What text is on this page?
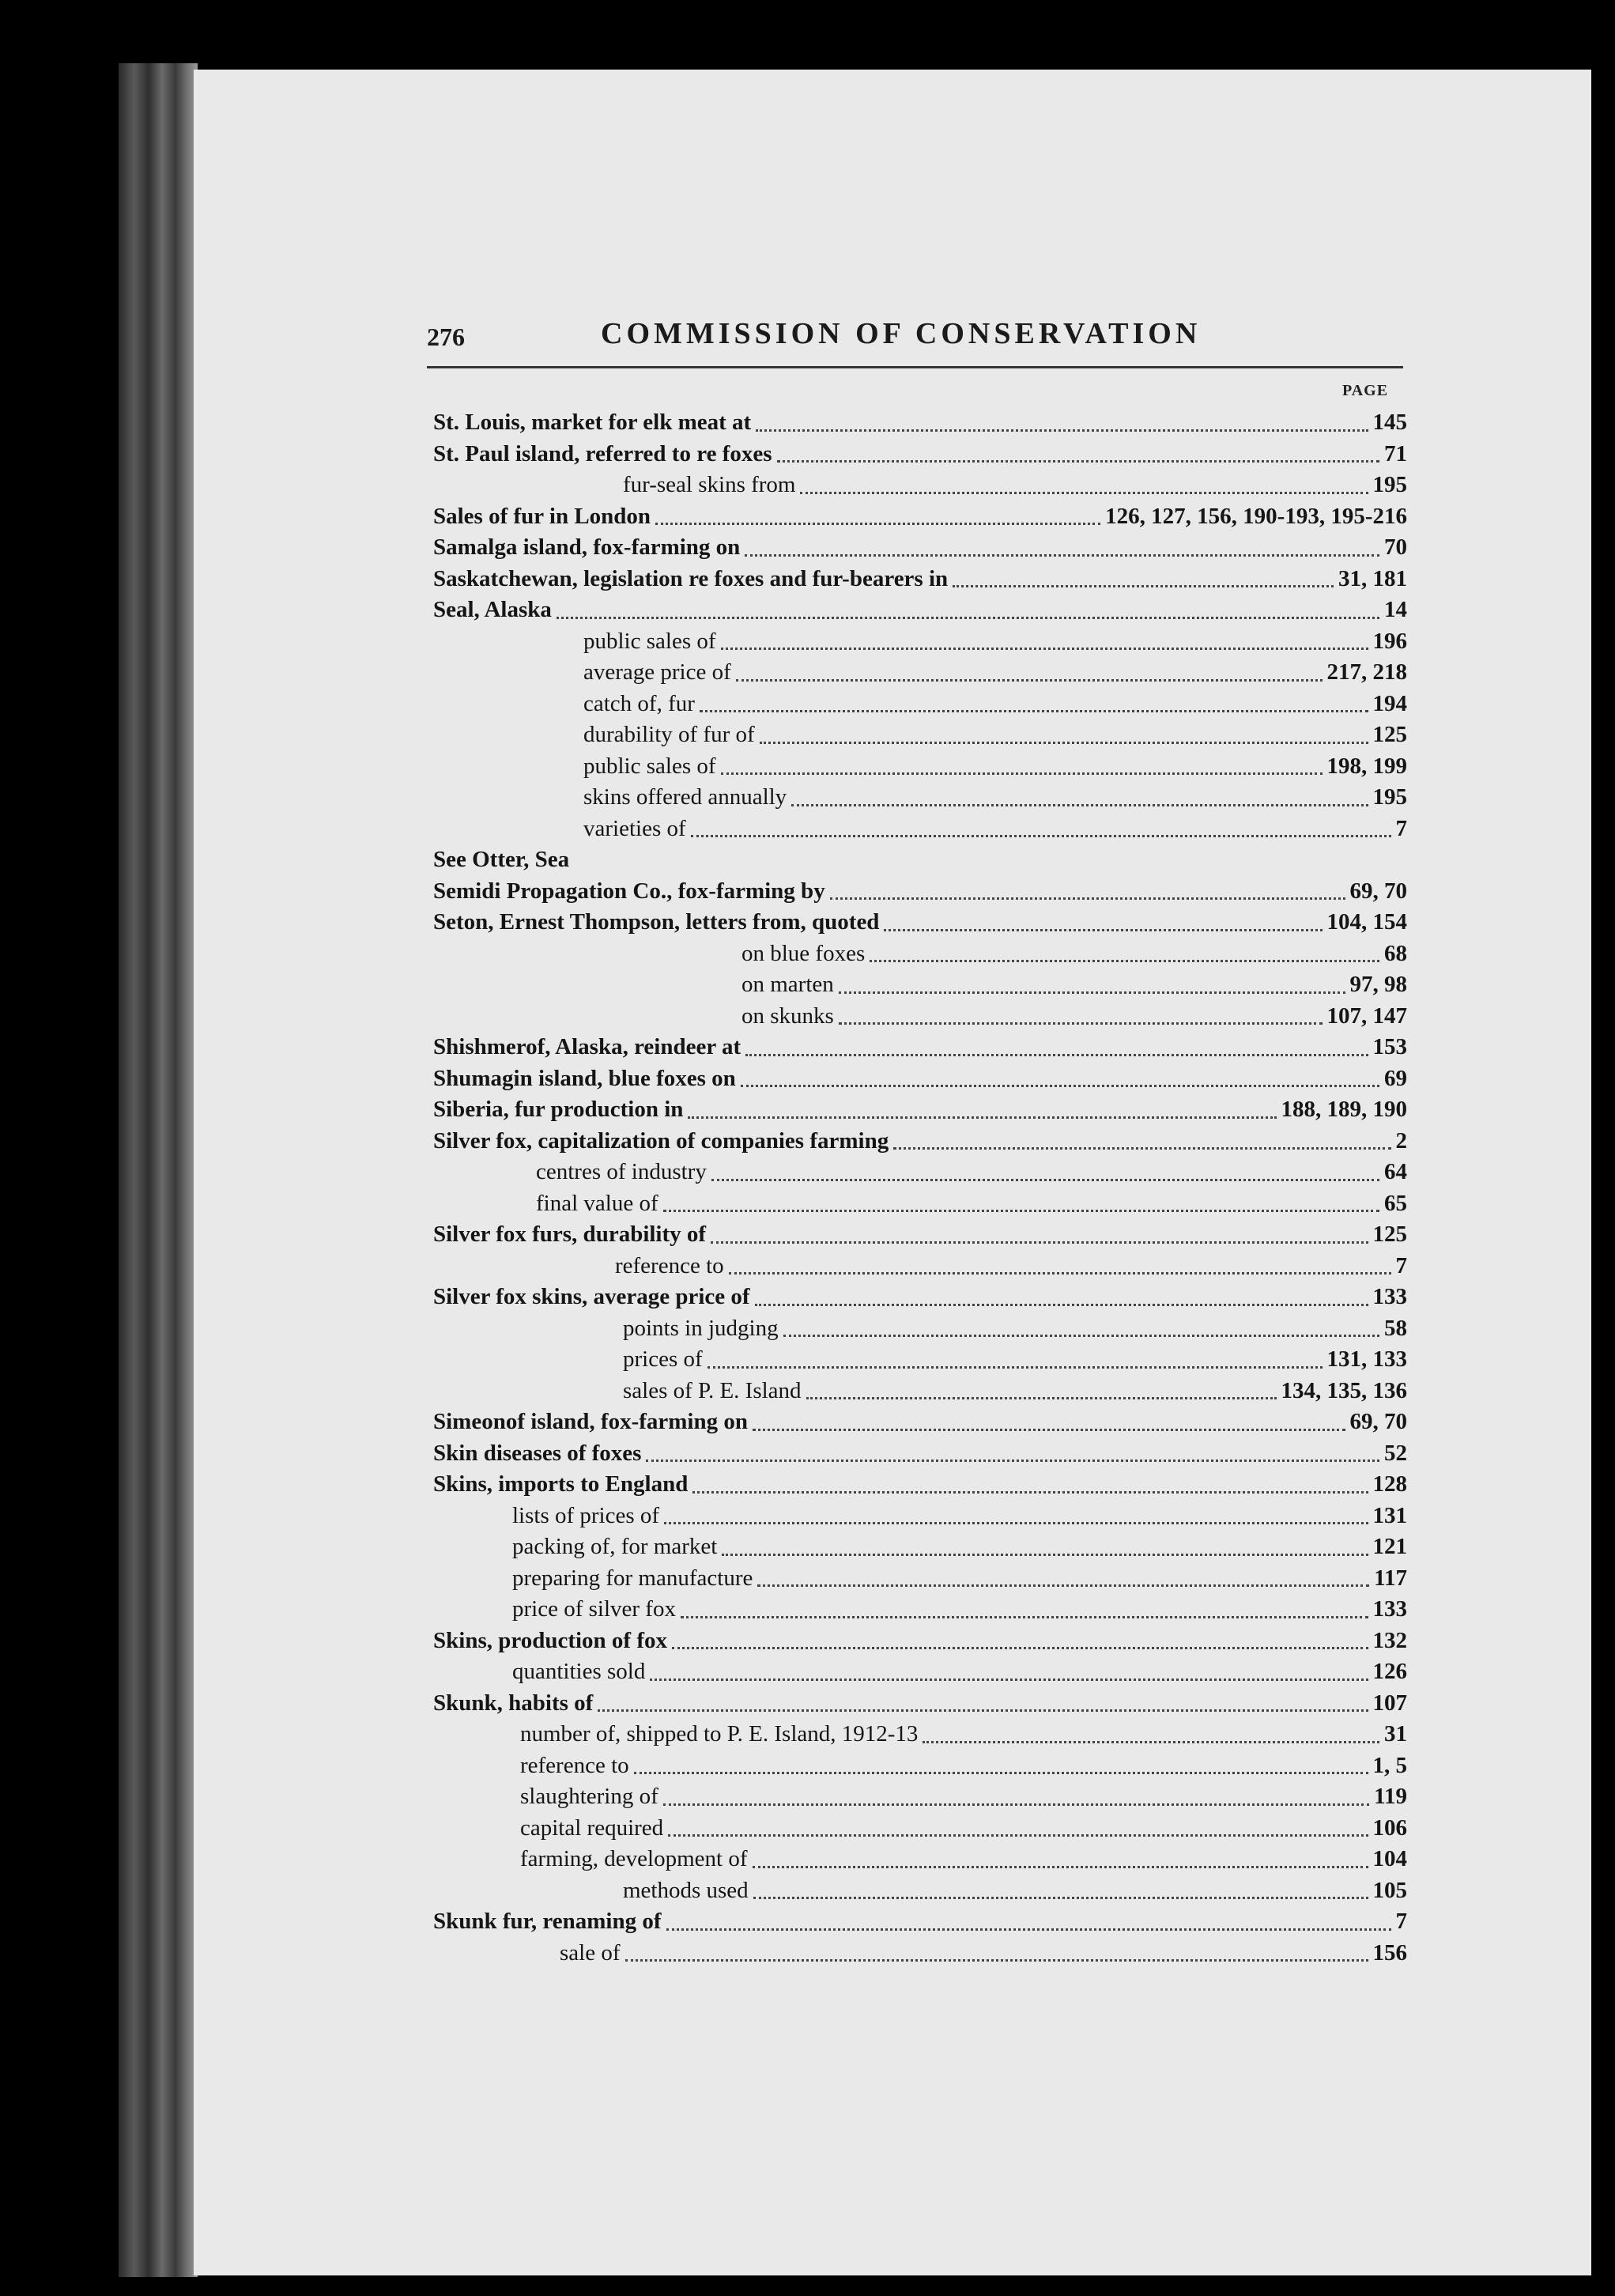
276	COMMISSION OF CONSERVATION
PAGE
St. Louis, market for elk meat at	145
St. Paul island, referred to re foxes	71
fur-seal skins from	195
Sales of fur in London	126, 127, 156, 190-193, 195-216
Samalga island, fox-farming on	70
Saskatchewan, legislation re foxes and fur-bearers in	31, 181
Seal, Alaska	14
public sales of	196
average price of	217, 218
catch of, fur	194
durability of fur of	125
public sales of	198, 199
skins offered annually	195
varieties of	7
See Otter, Sea
Semidi Propagation Co., fox-farming by	69, 70
Seton, Ernest Thompson, letters from, quoted	104, 154
on blue foxes	68
on marten	97, 98
on skunks	107, 147
Shishmerof, Alaska, reindeer at	153
Shumagin island, blue foxes on	69
Siberia, fur production in	188, 189, 190
Silver fox, capitalization of companies farming	2
centres of industry	64
final value of	65
Silver fox furs, durability of	125
reference to	7
Silver fox skins, average price of	133
points in judging	58
prices of	131, 133
sales of P. E. Island	134, 135, 136
Simeonof island, fox-farming on	69, 70
Skin diseases of foxes	52
Skins, imports to England	128
lists of prices of	131
packing of, for market	121
preparing for manufacture	117
price of silver fox	133
Skins, production of fox	132
quantities sold	126
Skunk, habits of	107
number of, shipped to P. E. Island, 1912-13	31
reference to	1, 5
slaughtering of	119
capital required	106
farming, development of	104
methods used	105
Skunk fur, renaming of	7
sale of	156
